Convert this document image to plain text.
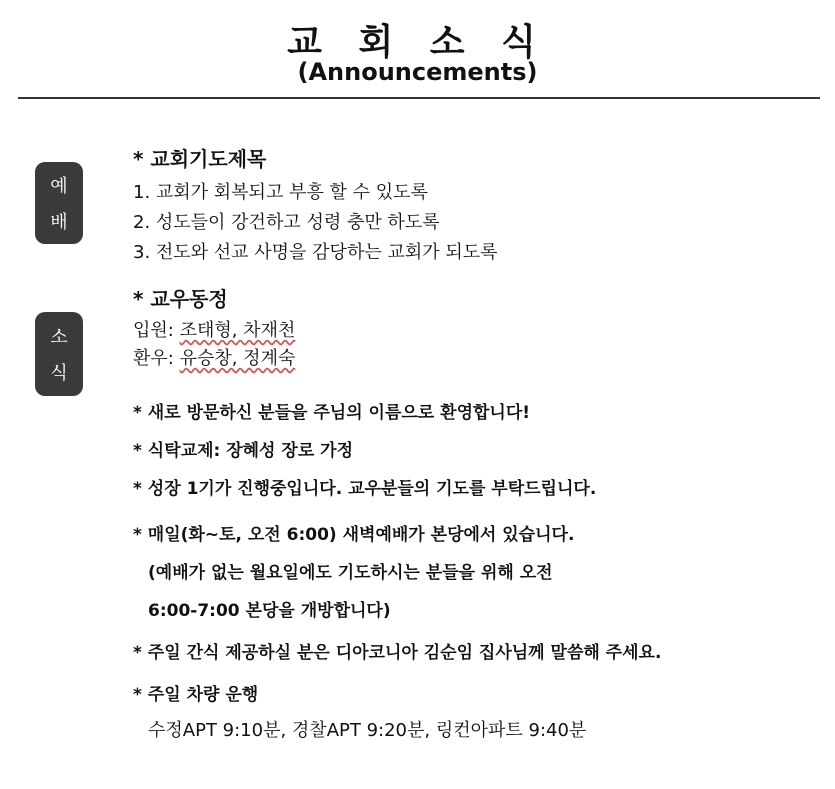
교 회 소 식
(Announcements)
예
배
소
식
* 교회기도제목
1. 교회가 회복되고 부흥 할 수 있도록
2. 성도들이 강건하고 성령 충만 하도록
3. 전도와 선교 사명을 감당하는 교회가 되도록
* 교우동정
입원: 조태형, 차재천
환우: 유승창, 정계숙
* 새로 방문하신 분들을 주님의 이름으로 환영합니다!
* 식탁교제: 장혜성 장로 가정
* 성장 1기가 진행중입니다. 교우분들의 기도를 부탁드립니다.
* 매일(화~토, 오전 6:00) 새벽예배가 본당에서 있습니다.
(예배가 없는 월요일에도 기도하시는 분들을 위해 오전
6:00-7:00 본당을 개방합니다)
* 주일 간식 제공하실 분은 디아코니아 김순임 집사님께 말씀해 주세요.
* 주일 차량 운행
수정APT 9:10분, 경찰APT 9:20분, 링컨아파트 9:40분
